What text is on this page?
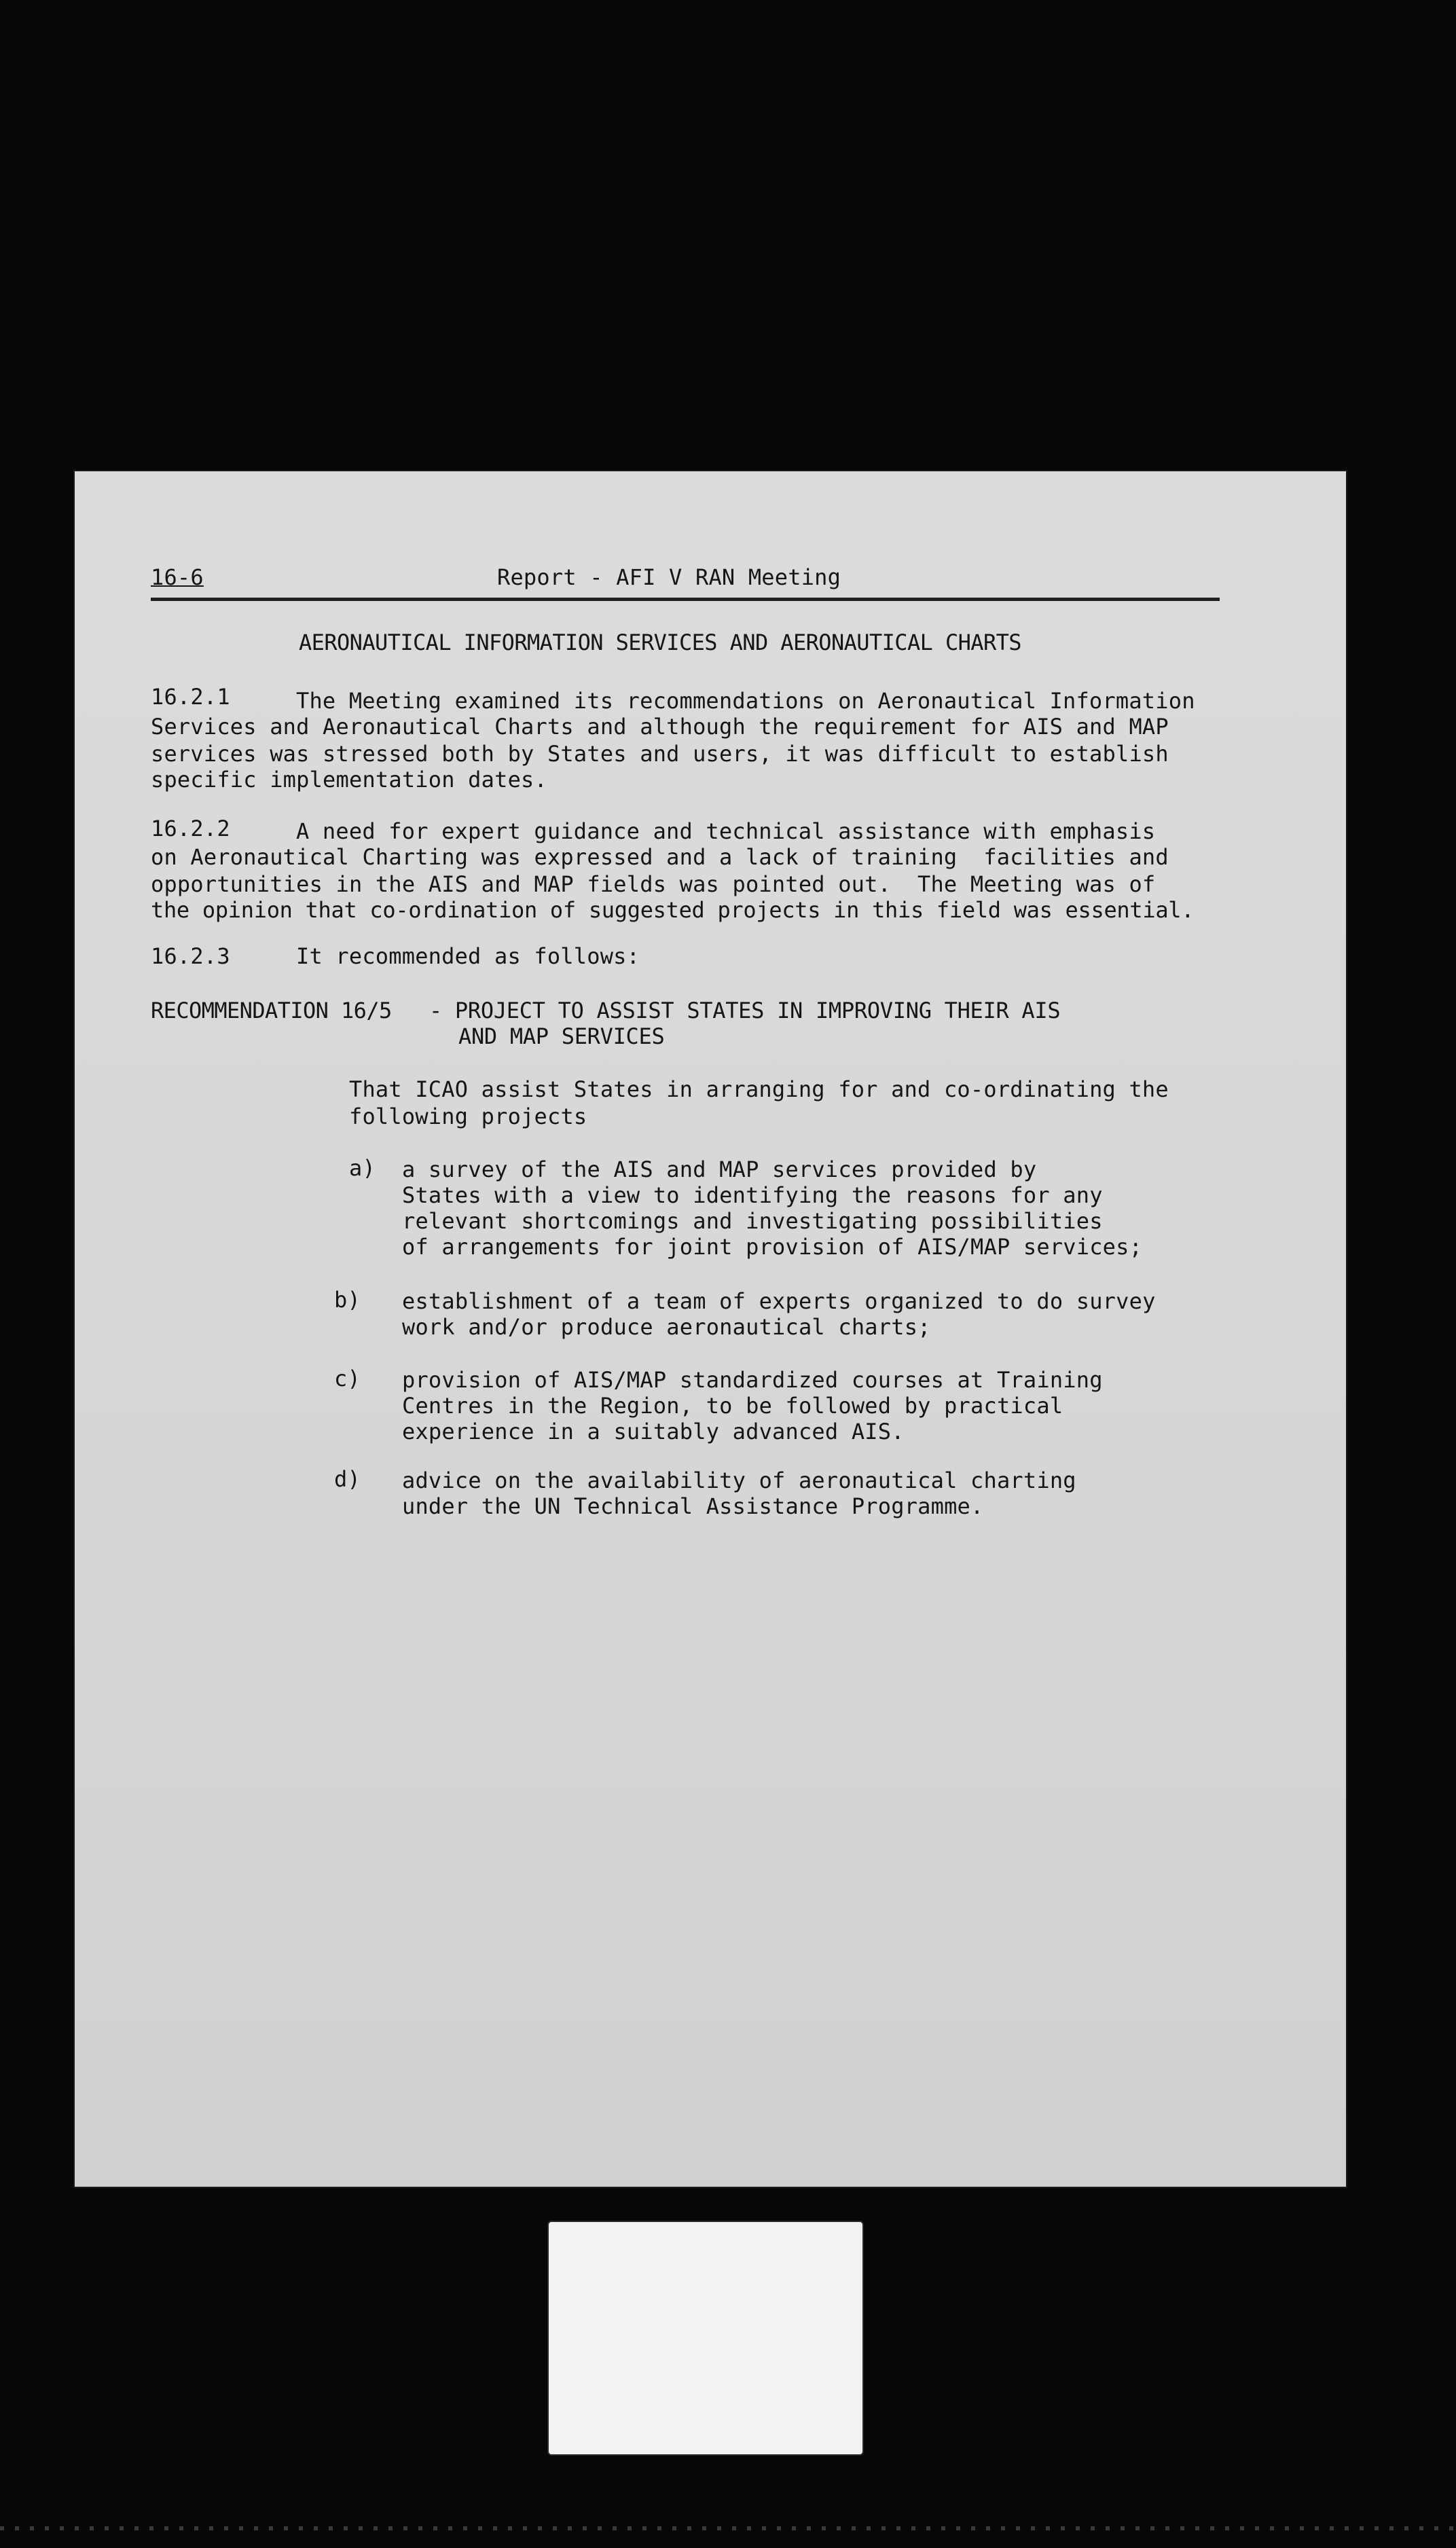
16-6	Report - AFI V RAN Meeting
AERONAUTICAL INFORMATION SERVICES AND AERONAUTICAL CHARTS
16.2.1	The Meeting examined its recommendations on Aeronautical Information
Services and Aeronautical Charts and although the requirement for AIS and MAP
services was stressed both by States and users, it was difficult to establish
specific implementation dates.
16.2.2	A need for expert guidance and technical assistance with emphasis
on Aeronautical Charting was expressed and a lack of training  facilities and
opportunities in the AIS and MAP fields was pointed out.  The Meeting was of
the opinion that co-ordination of suggested projects in this field was essential.
16.2.3	It recommended as follows:
RECOMMENDATION 16/5 - PROJECT TO ASSIST STATES IN IMPROVING THEIR AIS
AND MAP SERVICES
That ICAO assist States in arranging for and co-ordinating the
following projects
a) a survey of the AIS and MAP services provided by
States with a view to identifying the reasons for any
relevant shortcomings and investigating possibilities
of arrangements for joint provision of AIS/MAP services;
b) establishment of a team of experts organized to do survey
work and/or produce aeronautical charts;
c) provision of AIS/MAP standardized courses at Training
Centres in the Region, to be followed by practical
experience in a suitably advanced AIS.
d) advice on the availability of aeronautical charting
under the UN Technical Assistance Programme.
